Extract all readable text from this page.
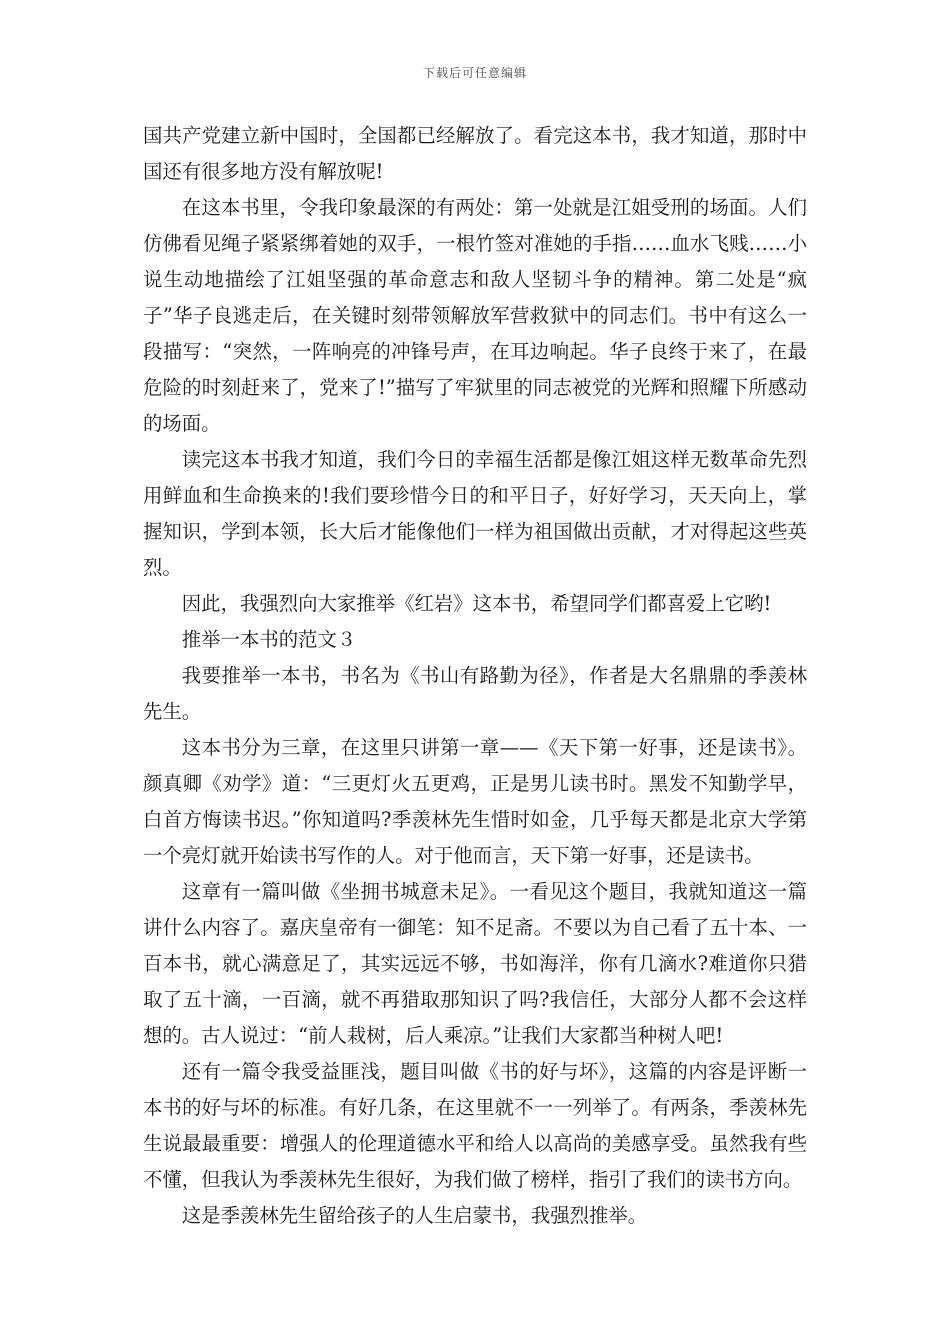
下载后可任意编辑

国共产党建立新中国时，全国都已经解放了。看完这本书，我才知道，那时中国还有很多地方没有解放呢!

在这本书里，令我印象最深的有两处：第一处就是江姐受刑的场面。人们仿佛看见绳子紧紧绑着她的双手，一根竹签对准她的手指……血水飞贱……小说生动地描绘了江姐坚强的革命意志和敌人坚韧斗争的精神。第二处是“疯子”华子良逃走后，在关键时刻带领解放军营救狱中的同志们。书中有这么一段描写：“突然，一阵响亮的冲锋号声，在耳边响起。华子良终于来了，在最危险的时刻赶来了，党来了!”描写了牢狱里的同志被党的光辉和照耀下所感动的场面。

读完这本书我才知道，我们今日的幸福生活都是像江姐这样无数革命先烈用鲜血和生命换来的!我们要珍惜今日的和平日子，好好学习，天天向上，掌握知识，学到本领，长大后才能像他们一样为祖国做出贡献，才对得起这些英烈。

因此，我强烈向大家推举《红岩》这本书，希望同学们都喜爱上它哟!

推举一本书的范文３

我要推举一本书，书名为《书山有路勤为径》，作者是大名鼎鼎的季羡林先生。

这本书分为三章，在这里只讲第一章——《天下第一好事，还是读书》。颜真卿《劝学》道：“三更灯火五更鸡，正是男儿读书时。黑发不知勤学早，白首方悔读书迟。”你知道吗?季羡林先生惜时如金，几乎每天都是北京大学第一个亮灯就开始读书写作的人。对于他而言，天下第一好事，还是读书。

这章有一篇叫做《坐拥书城意未足》。一看见这个题目，我就知道这一篇讲什么内容了。嘉庆皇帝有一御笔：知不足斋。不要以为自己看了五十本、一百本书，就心满意足了，其实远远不够，书如海洋，你有几滴水?难道你只猎取了五十滴，一百滴，就不再猎取那知识了吗?我信任，大部分人都不会这样想的。古人说过：“前人栽树，后人乘凉。”让我们大家都当种树人吧!

还有一篇令我受益匪浅，题目叫做《书的好与坏》，这篇的内容是评断一本书的好与坏的标准。有好几条，在这里就不一一列举了。有两条，季羡林先生说最最重要：增强人的伦理道德水平和给人以高尚的美感享受。虽然我有些不懂，但我认为季羡林先生很好，为我们做了榜样，指引了我们的读书方向。

这是季羡林先生留给孩子的人生启蒙书，我强烈推举。
